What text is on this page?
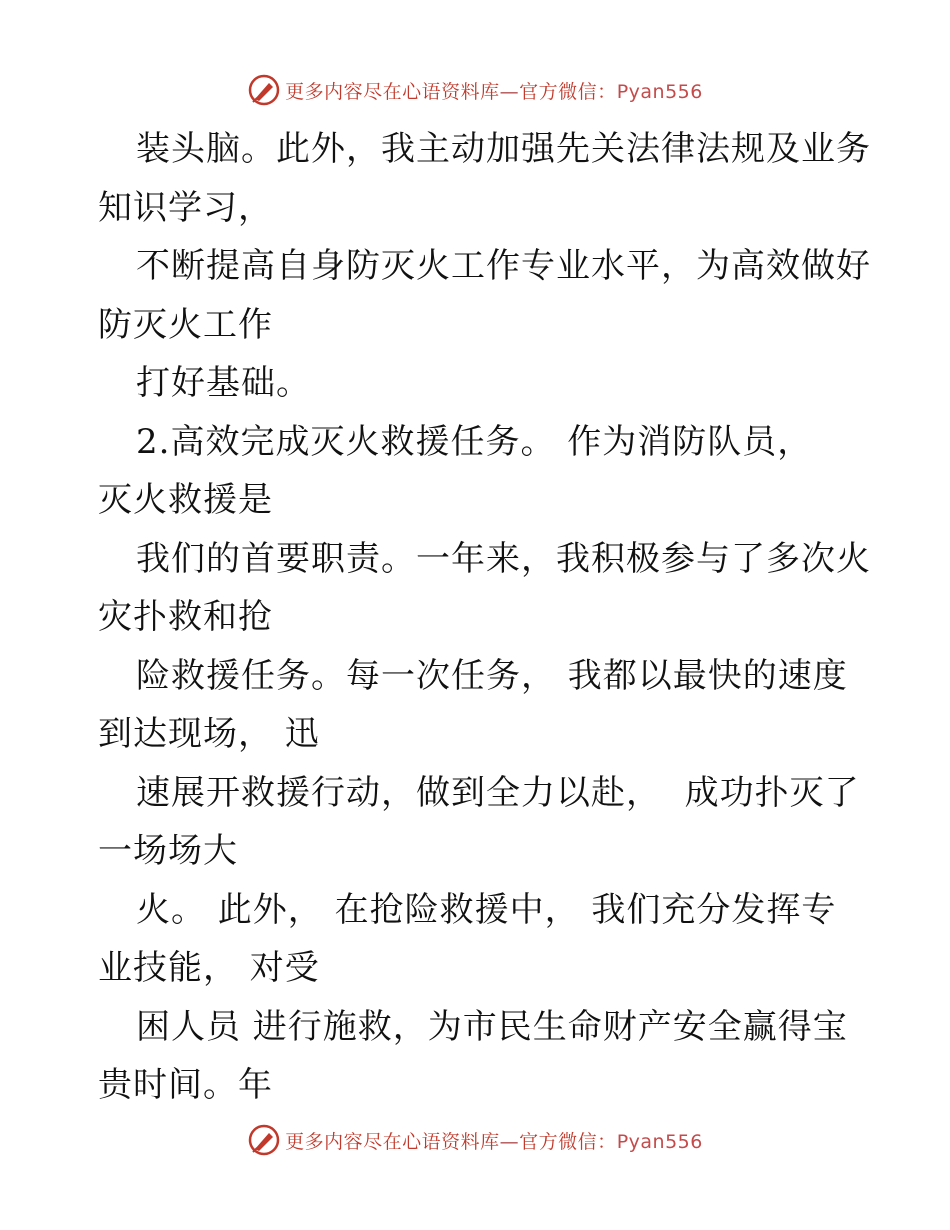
更多内容尽在心语资料库—官方微信：Pyan556
装头脑。此外，我主动加强先关法律法规及业务
知识学习，
不断提高自身防灭火工作专业水平，为高效做好
防灭火工作
打好基础。
2.高效完成灭火救援任务。 作为消防队员，
灭火救援是
我们的首要职责。一年来，我积极参与了多次火
灾扑救和抢
险救援任务。每一次任务， 我都以最快的速度
到达现场， 迅
速展开救援行动，做到全力以赴，  成功扑灭了
一场场大
火。 此外， 在抢险救援中， 我们充分发挥专
业技能， 对受
困人员 进行施救，为市民生命财产安全赢得宝
贵时间。年
更多内容尽在心语资料库—官方微信：Pyan556
